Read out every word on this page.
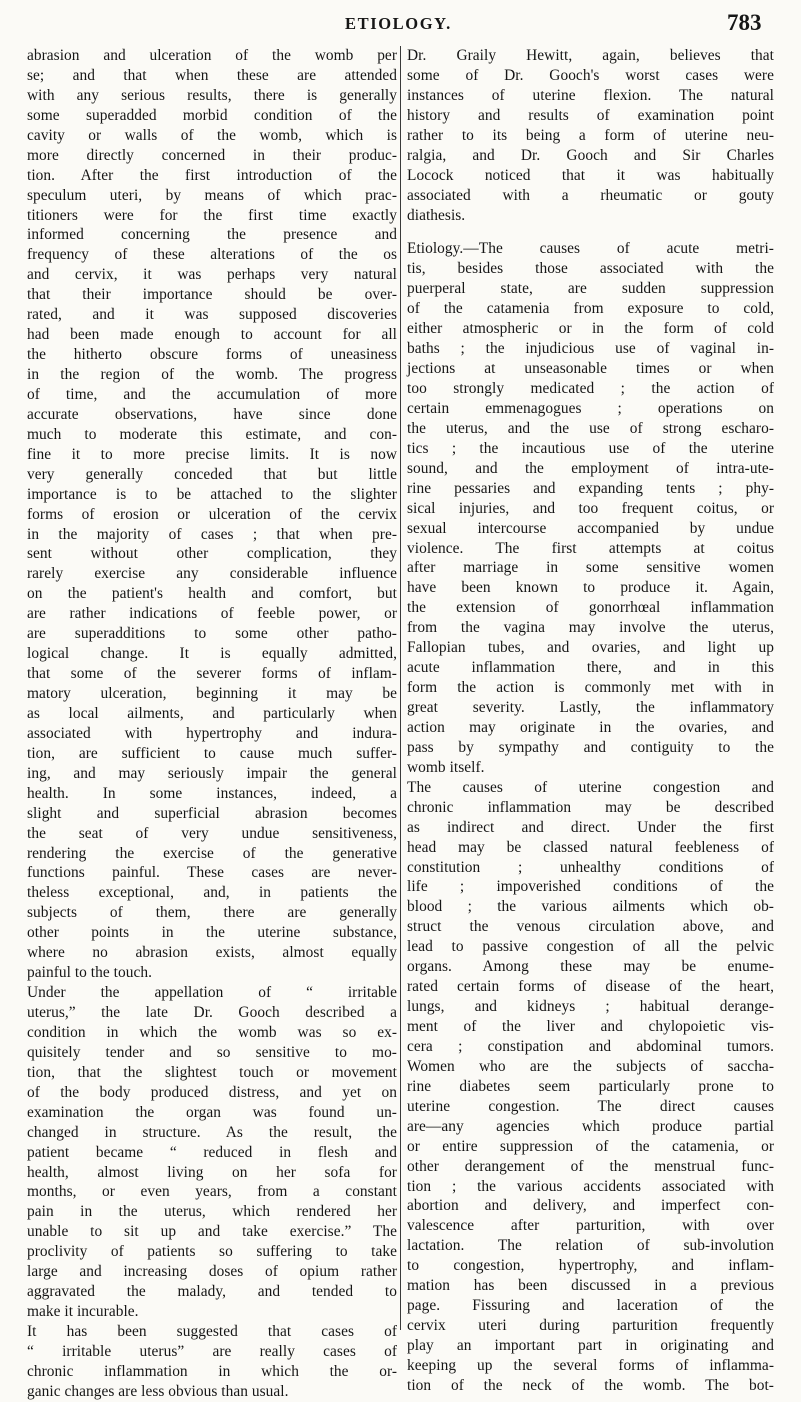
ETIOLOGY.	783
abrasion and ulceration of the womb per
se; and that when these are attended
with any serious results, there is generally
some superadded morbid condition of the
cavity or walls of the womb, which is
more directly concerned in their produc-
tion. After the first introduction of the
speculum uteri, by means of which prac-
titioners were for the first time exactly
informed concerning the presence and
frequency of these alterations of the os
and cervix, it was perhaps very natural
that their importance should be over-
rated, and it was supposed discoveries
had been made enough to account for all
the hitherto obscure forms of uneasiness
in the region of the womb. The progress
of time, and the accumulation of more
accurate observations, have since done
much to moderate this estimate, and con-
fine it to more precise limits. It is now
very generally conceded that but little
importance is to be attached to the slighter
forms of erosion or ulceration of the cervix
in the majority of cases ; that when pre-
sent without other complication, they
rarely exercise any considerable influence
on the patient's health and comfort, but
are rather indications of feeble power, or
are superadditions to some other patho-
logical change. It is equally admitted,
that some of the severer forms of inflam-
matory ulceration, beginning it may be
as local ailments, and particularly when
associated with hypertrophy and indura-
tion, are sufficient to cause much suffer-
ing, and may seriously impair the general
health. In some instances, indeed, a
slight and superficial abrasion becomes
the seat of very undue sensitiveness,
rendering the exercise of the generative
functions painful. These cases are never-
theless exceptional, and, in patients the
subjects of them, there are generally
other points in the uterine substance,
where no abrasion exists, almost equally
painful to the touch.
Under the appellation of “ irritable
uterus,” the late Dr. Gooch described a
condition in which the womb was so ex-
quisitely tender and so sensitive to mo-
tion, that the slightest touch or movement
of the body produced distress, and yet on
examination the organ was found un-
changed in structure. As the result, the
patient became “ reduced in flesh and
health, almost living on her sofa for
months, or even years, from a constant
pain in the uterus, which rendered her
unable to sit up and take exercise.” The
proclivity of patients so suffering to take
large and increasing doses of opium rather
aggravated the malady, and tended to
make it incurable.
It has been suggested that cases of
“ irritable uterus” are really cases of
chronic inflammation in which the or-
ganic changes are less obvious than usual.
Dr. Graily Hewitt, again, believes that
some of Dr. Gooch's worst cases were
instances of uterine flexion. The natural
history and results of examination point
rather to its being a form of uterine neu-
ralgia, and Dr. Gooch and Sir Charles
Locock noticed that it was habitually
associated with a rheumatic or gouty
diathesis.
Etiology.—The causes of acute metri-
tis, besides those associated with the
puerperal state, are sudden suppression
of the catamenia from exposure to cold,
either atmospheric or in the form of cold
baths ; the injudicious use of vaginal in-
jections at unseasonable times or when
too strongly medicated ; the action of
certain emmenagogues ; operations on
the uterus, and the use of strong escharo-
tics ; the incautious use of the uterine
sound, and the employment of intra-ute-
rine pessaries and expanding tents ; phy-
sical injuries, and too frequent coitus, or
sexual intercourse accompanied by undue
violence. The first attempts at coitus
after marriage in some sensitive women
have been known to produce it. Again,
the extension of gonorrhœal inflammation
from the vagina may involve the uterus,
Fallopian tubes, and ovaries, and light up
acute inflammation there, and in this
form the action is commonly met with in
great severity. Lastly, the inflammatory
action may originate in the ovaries, and
pass by sympathy and contiguity to the
womb itself.
The causes of uterine congestion and
chronic inflammation may be described
as indirect and direct. Under the first
head may be classed natural feebleness of
constitution ; unhealthy conditions of
life ; impoverished conditions of the
blood ; the various ailments which ob-
struct the venous circulation above, and
lead to passive congestion of all the pelvic
organs. Among these may be enume-
rated certain forms of disease of the heart,
lungs, and kidneys ; habitual derange-
ment of the liver and chylopoietic vis-
cera ; constipation and abdominal tumors.
Women who are the subjects of saccha-
rine diabetes seem particularly prone to
uterine congestion. The direct causes
are—any agencies which produce partial
or entire suppression of the catamenia, or
other derangement of the menstrual func-
tion ; the various accidents associated with
abortion and delivery, and imperfect con-
valescence after parturition, with over
lactation. The relation of sub-involution
to congestion, hypertrophy, and inflam-
mation has been discussed in a previous
page. Fissuring and laceration of the
cervix uteri during parturition frequently
play an important part in originating and
keeping up the several forms of inflamma-
tion of the neck of the womb. The bot-
